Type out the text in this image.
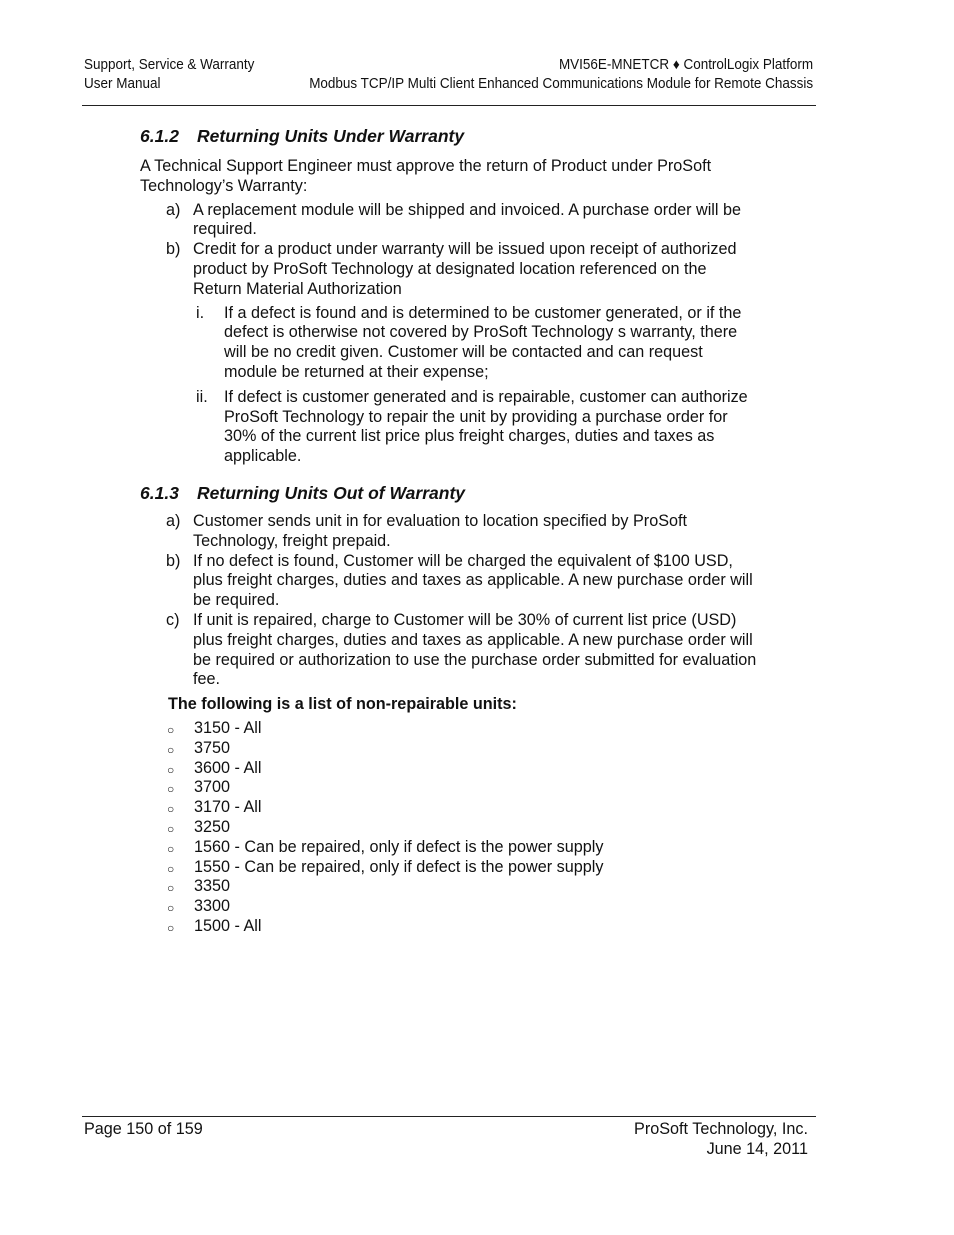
Support, Service & Warranty
User Manual
MVI56E-MNETCR ♦ ControlLogix Platform
Modbus TCP/IP Multi Client Enhanced Communications Module for Remote Chassis
6.1.2 Returning Units Under Warranty

A Technical Support Engineer must approve the return of Product under ProSoft Technology’s Warranty:

a) A replacement module will be shipped and invoiced. A purchase order will be required.
b) Credit for a product under warranty will be issued upon receipt of authorized product by ProSoft Technology at designated location referenced on the Return Material Authorization
i. If a defect is found and is determined to be customer generated, or if the defect is otherwise not covered by ProSoft Technology s warranty, there will be no credit given. Customer will be contacted and can request module be returned at their expense;
ii. If defect is customer generated and is repairable, customer can authorize ProSoft Technology to repair the unit by providing a purchase order for 30% of the current list price plus freight charges, duties and taxes as applicable.
6.1.3 Returning Units Out of Warranty
a) Customer sends unit in for evaluation to location specified by ProSoft Technology, freight prepaid.
b) If no defect is found, Customer will be charged the equivalent of $100 USD, plus freight charges, duties and taxes as applicable. A new purchase order will be required.
c) If unit is repaired, charge to Customer will be 30% of current list price (USD) plus freight charges, duties and taxes as applicable. A new purchase order will be required or authorization to use the purchase order submitted for evaluation fee.

The following is a list of non-repairable units:

○ 3150 - All
○ 3750
○ 3600 - All
○ 3700
○ 3170 - All
○ 3250
○ 1560 - Can be repaired, only if defect is the power supply
○ 1550 - Can be repaired, only if defect is the power supply
○ 3350
○ 3300
○ 1500 - All
Page 150 of 159	ProSoft Technology, Inc.
June 14, 2011
